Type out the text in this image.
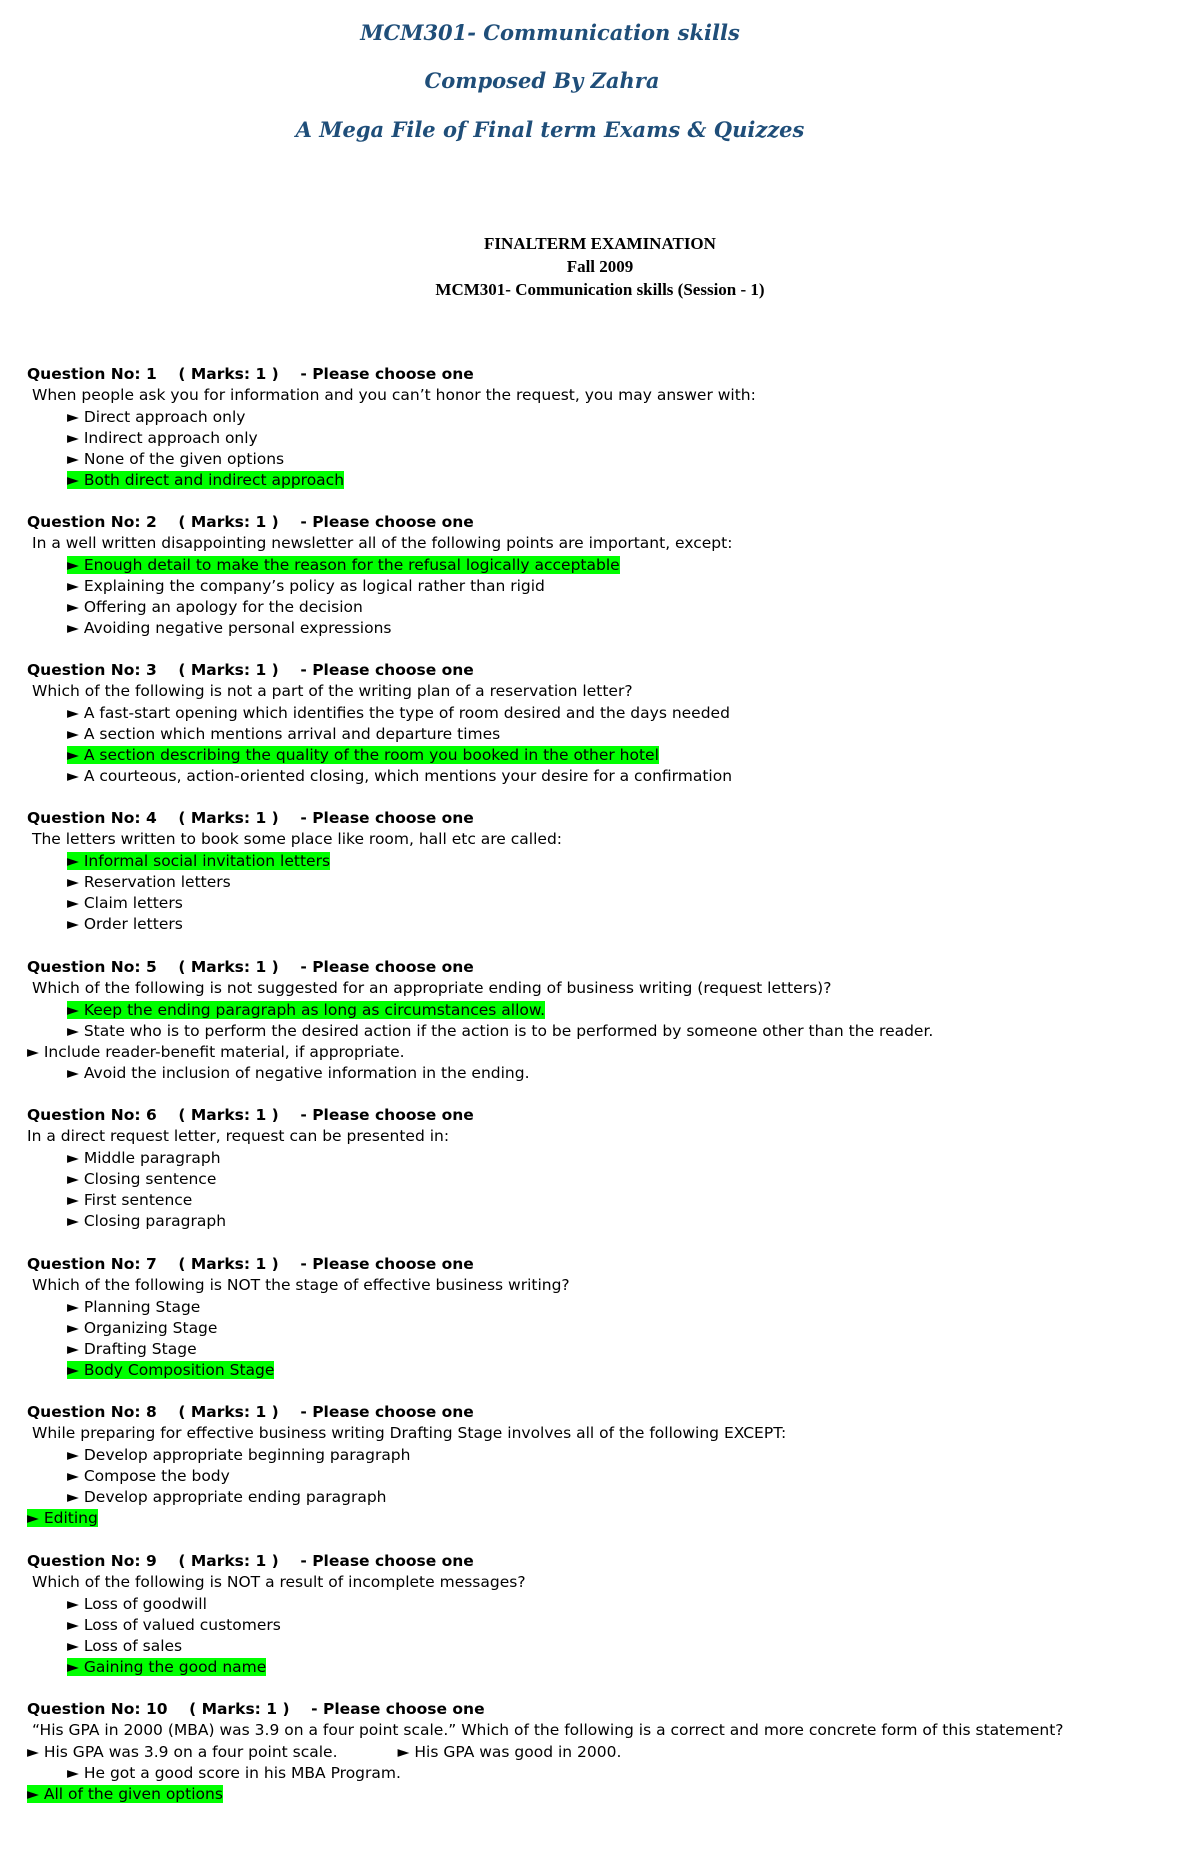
MCM301- Communication skills
Composed By Zahra
A Mega File of Final term Exams & Quizzes
FINALTERM EXAMINATION
Fall 2009
MCM301- Communication skills (Session - 1)
Question No: 1 ( Marks: 1 ) - Please choose one
When people ask you for information and you can’t honor the request, you may answer with:
► Direct approach only
► Indirect approach only
► None of the given options
► Both direct and indirect approach
Question No: 2 ( Marks: 1 ) - Please choose one
In a well written disappointing newsletter all of the following points are important, except:
► Enough detail to make the reason for the refusal logically acceptable
► Explaining the company’s policy as logical rather than rigid
► Offering an apology for the decision
► Avoiding negative personal expressions
Question No: 3 ( Marks: 1 ) - Please choose one
Which of the following is not a part of the writing plan of a reservation letter?
► A fast-start opening which identifies the type of room desired and the days needed
► A section which mentions arrival and departure times
► A section describing the quality of the room you booked in the other hotel
► A courteous, action-oriented closing, which mentions your desire for a confirmation
Question No: 4 ( Marks: 1 ) - Please choose one
The letters written to book some place like room, hall etc are called:
► Informal social invitation letters
► Reservation letters
► Claim letters
► Order letters
Question No: 5 ( Marks: 1 ) - Please choose one
Which of the following is not suggested for an appropriate ending of business writing (request letters)?
► Keep the ending paragraph as long as circumstances allow.
► State who is to perform the desired action if the action is to be performed by someone other than the reader.
► Include reader-benefit material, if appropriate.
► Avoid the inclusion of negative information in the ending.
Question No: 6 ( Marks: 1 ) - Please choose one
In a direct request letter, request can be presented in:
► Middle paragraph
► Closing sentence
► First sentence
► Closing paragraph
Question No: 7 ( Marks: 1 ) - Please choose one
Which of the following is NOT the stage of effective business writing?
► Planning Stage
► Organizing Stage
► Drafting Stage
► Body Composition Stage
Question No: 8 ( Marks: 1 ) - Please choose one
While preparing for effective business writing Drafting Stage involves all of the following EXCEPT:
► Develop appropriate beginning paragraph
► Compose the body
► Develop appropriate ending paragraph
► Editing
Question No: 9 ( Marks: 1 ) - Please choose one
Which of the following is NOT a result of incomplete messages?
► Loss of goodwill
► Loss of valued customers
► Loss of sales
► Gaining the good name
Question No: 10 ( Marks: 1 ) - Please choose one
“His GPA in 2000 (MBA) was 3.9 on a four point scale.” Which of the following is a correct and more concrete form of this statement?
► His GPA was 3.9 on a four point scale.	► His GPA was good in 2000.
► He got a good score in his MBA Program.
► All of the given options
